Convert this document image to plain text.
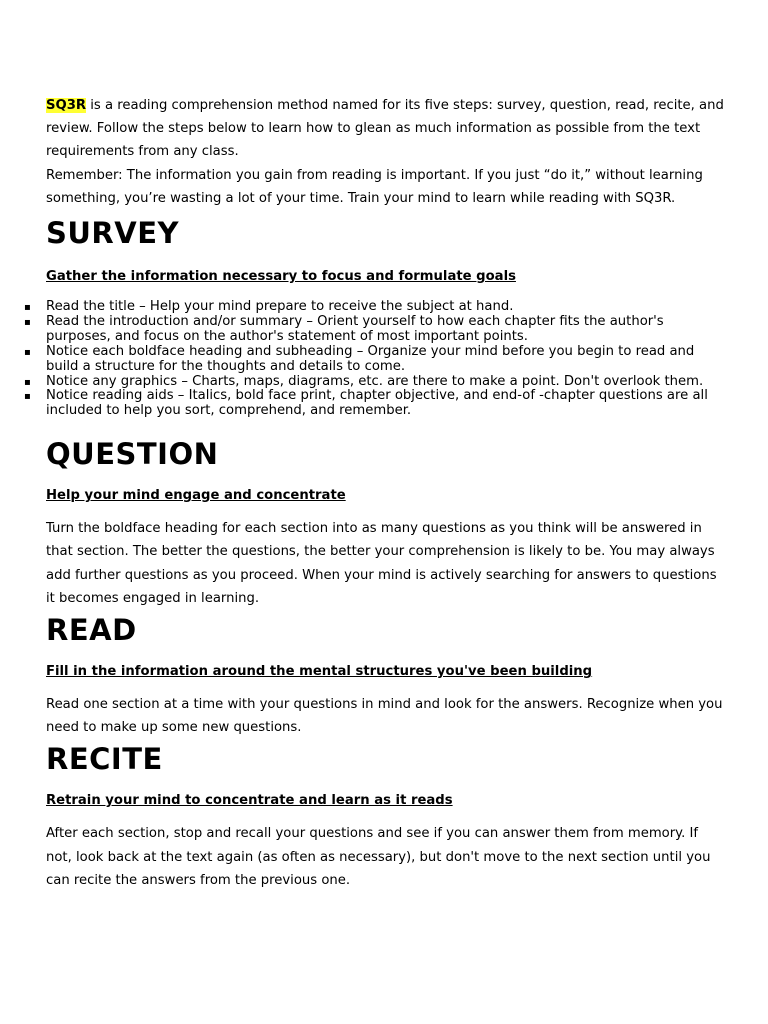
SQ3R is a reading comprehension method named for its five steps: survey, question, read, recite, and review. Follow the steps below to learn how to glean as much information as possible from the text requirements from any class.

Remember: The information you gain from reading is important. If you just “do it,” without learning something, you’re wasting a lot of your time. Train your mind to learn while reading with SQ3R.

SURVEY
Gather the information necessary to focus and formulate goals
▪ Read the title – Help your mind prepare to receive the subject at hand.
▪ Read the introduction and/or summary – Orient yourself to how each chapter fits the author's purposes, and focus on the author's statement of most important points.
▪ Notice each boldface heading and subheading – Organize your mind before you begin to read and build a structure for the thoughts and details to come.
▪ Notice any graphics – Charts, maps, diagrams, etc. are there to make a point. Don't overlook them.
▪ Notice reading aids – Italics, bold face print, chapter objective, and end-of -chapter questions are all included to help you sort, comprehend, and remember.
QUESTION
Help your mind engage and concentrate

Turn the boldface heading for each section into as many questions as you think will be answered in that section. The better the questions, the better your comprehension is likely to be. You may always add further questions as you proceed. When your mind is actively searching for answers to questions it becomes engaged in learning.

READ
Fill in the information around the mental structures you've been building

Read one section at a time with your questions in mind and look for the answers. Recognize when you need to make up some new questions.

RECITE
Retrain your mind to concentrate and learn as it reads

After each section, stop and recall your questions and see if you can answer them from memory. If not, look back at the text again (as often as necessary), but don't move to the next section until you can recite the answers from the previous one.
